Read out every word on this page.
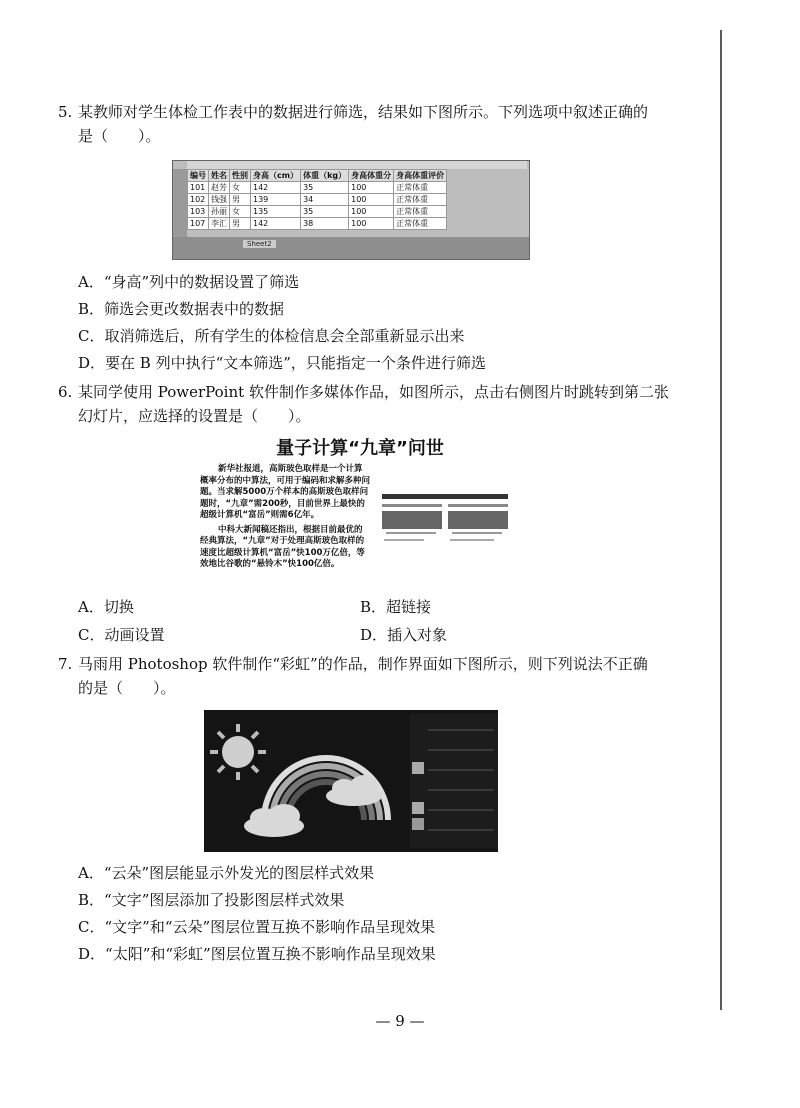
5. 某教师对学生体检工作表中的数据进行筛选，结果如下图所示。下列选项中叙述正确的
是（　　）。
编号	姓名	性别	身高（cm）	体重（kg）	身高体重分	身高体重评价
101	赵芳	女	142	35	100	正常体重
102	钱强	男	139	34	100	正常体重
103	孙丽	女	135	35	100	正常体重
107	李汇	男	142	38	100	正常体重
Sheet2
A．“身高”列中的数据设置了筛选
B．筛选会更改数据表中的数据
C．取消筛选后，所有学生的体检信息会全部重新显示出来
D．要在 B 列中执行“文本筛选”，只能指定一个条件进行筛选
6. 某同学使用 PowerPoint 软件制作多媒体作品，如图所示，点击右侧图片时跳转到第二张
幻灯片，应选择的设置是（　　）。
量子计算“九章”问世
新华社报道，高斯玻色取样是一个计算概率分布的中算法，可用于编码和求解多种问题。当求解5000万个样本的高斯玻色取样问题时，“九章”需200秒，目前世界上最快的超级计算机“富岳”则需6亿年。
中科大新闻稿还指出，根据目前最优的经典算法，“九章”对于处理高斯玻色取样的速度比超级计算机“富岳”快100万亿倍，等效地比谷歌的“悬铃木”快100亿倍。
A．切换	B．超链接
C．动画设置	D．插入对象
7. 马雨用 Photoshop 软件制作“彩虹”的作品，制作界面如下图所示，则下列说法不正确
的是（　　）。
A．“云朵”图层能显示外发光的图层样式效果
B．“文字”图层添加了投影图层样式效果
C．“文字”和“云朵”图层位置互换不影响作品呈现效果
D．“太阳”和“彩虹”图层位置互换不影响作品呈现效果
— 9 —
